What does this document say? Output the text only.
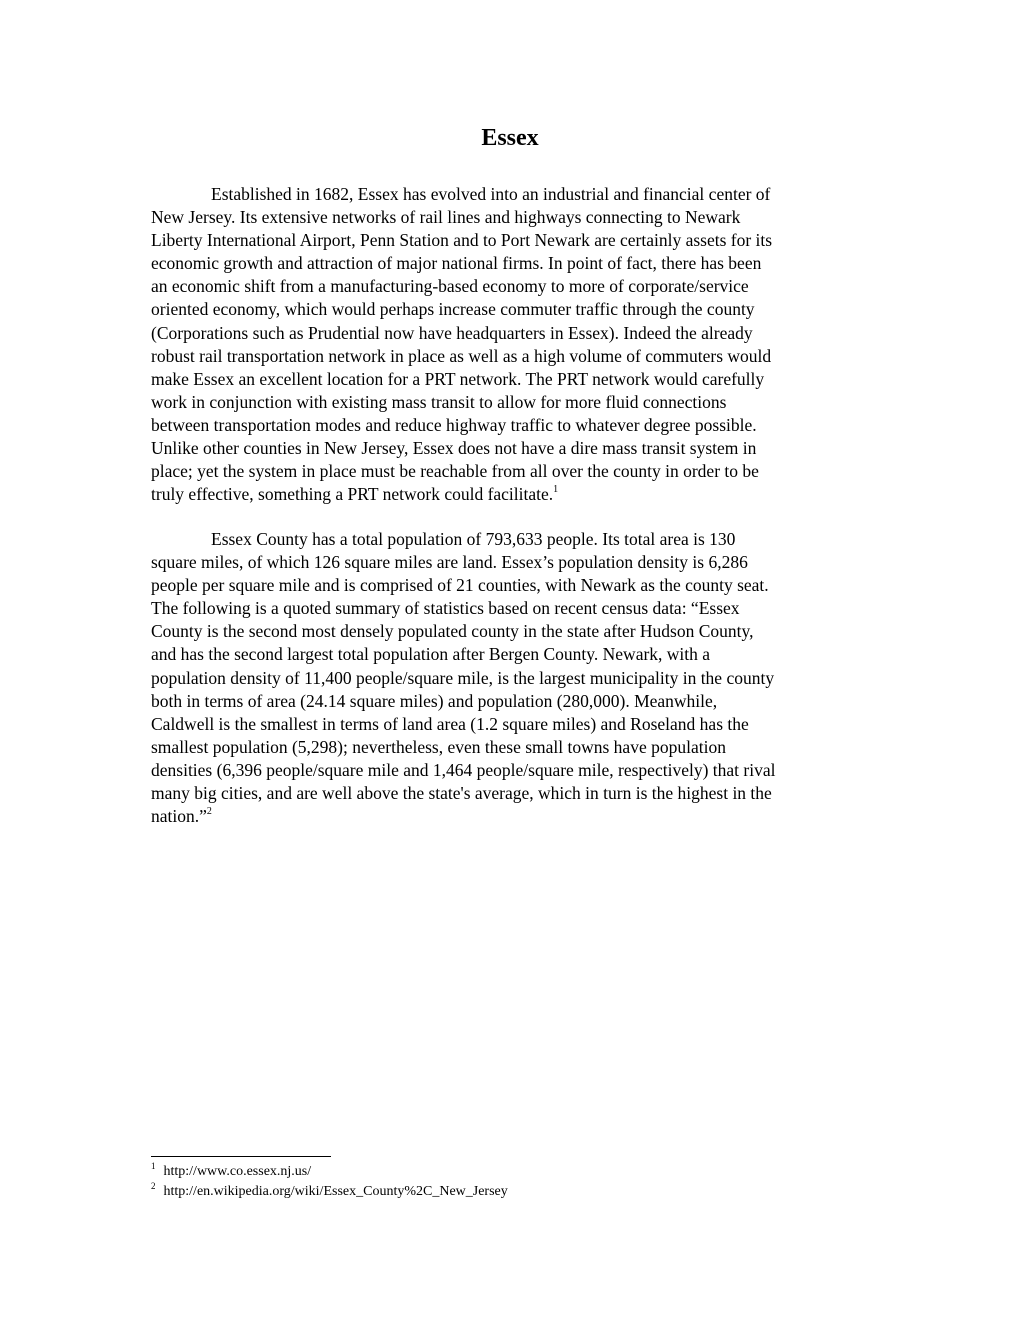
Essex

Established in 1682, Essex has evolved into an industrial and financial center of
New Jersey. Its extensive networks of rail lines and highways connecting to Newark
Liberty International Airport, Penn Station and to Port Newark are certainly assets for its
economic growth and attraction of major national firms. In point of fact, there has been
an economic shift from a manufacturing-based economy to more of corporate/service
oriented economy, which would perhaps increase commuter traffic through the county
(Corporations such as Prudential now have headquarters in Essex). Indeed the already
robust rail transportation network in place as well as a high volume of commuters would
make Essex an excellent location for a PRT network. The PRT network would carefully
work in conjunction with existing mass transit to allow for more fluid connections
between transportation modes and reduce highway traffic to whatever degree possible.
Unlike other counties in New Jersey, Essex does not have a dire mass transit system in
place; yet the system in place must be reachable from all over the county in order to be
truly effective, something a PRT network could facilitate.$^1$

Essex County has a total population of 793,633 people. Its total area is 130
square miles, of which 126 square miles are land. Essex’s population density is 6,286
people per square mile and is comprised of 21 counties, with Newark as the county seat.
The following is a quoted summary of statistics based on recent census data: “Essex
County is the second most densely populated county in the state after Hudson County,
and has the second largest total population after Bergen County. Newark, with a
population density of 11,400 people/square mile, is the largest municipality in the county
both in terms of area (24.14 square miles) and population (280,000). Meanwhile,
Caldwell is the smallest in terms of land area (1.2 square miles) and Roseland has the
smallest population (5,298); nevertheless, even these small towns have population
densities (6,396 people/square mile and 1,464 people/square mile, respectively) that rival
many big cities, and are well above the state's average, which in turn is the highest in the
nation.”$^2$

$^1$ http://www.co.essex.nj.us/
$^2$ http://en.wikipedia.org/wiki/Essex_County%2C_New_Jersey
